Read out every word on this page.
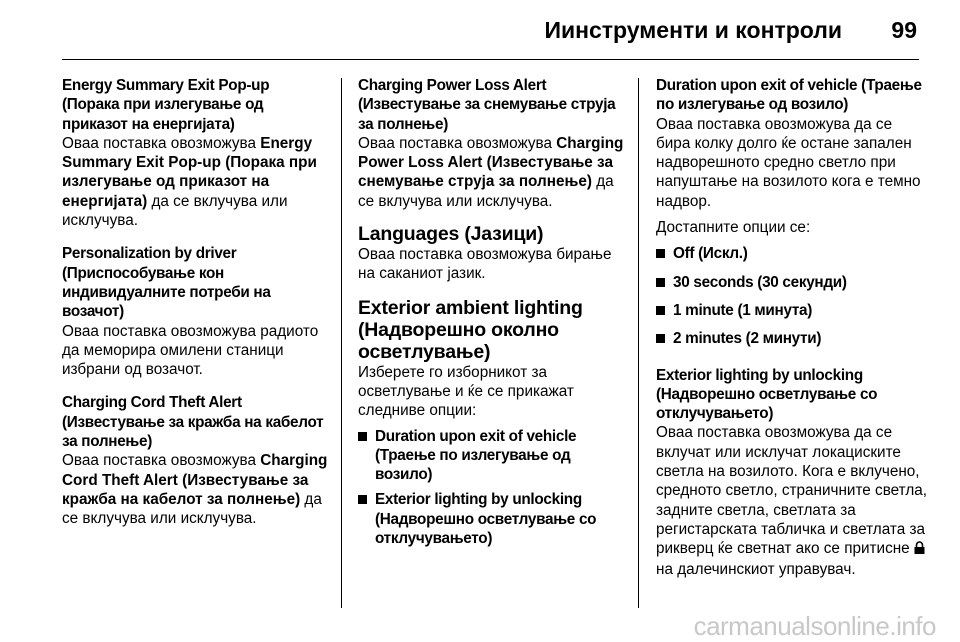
Иинструменти и контроли 99

Energy Summary Exit Pop-up (Порака при излегување од приказот на енергијата)

Оваа поставка овозможува Energy Summary Exit Pop-up (Порака при излегување од приказот на енергијата) да се вклучува или исклучува.

Personalization by driver (Приспособување кон индивидуалните потреби на возачот)

Оваа поставка овозможува радиото да меморира омилени станици избрани од возачот.

Charging Cord Theft Alert (Известување за кражба на кабелот за полнење)

Оваа поставка овозможува Charging Cord Theft Alert (Известување за кражба на кабелот за полнење) да се вклучува или исклучува.

Charging Power Loss Alert (Известување за снемување струја за полнење)

Оваа поставка овозможува Charging Power Loss Alert (Известување за снемување струја за полнење) да се вклучува или исклучува.

Languages (Јазици)

Оваа поставка овозможува бирање на саканиот јазик.

Exterior ambient lighting (Надворешно околно осветлување)

Изберете го изборникот за осветлување и ќе се прикажат следниве опции:

Duration upon exit of vehicle (Траење по излегување од возило)
Exterior lighting by unlocking (Надворешно осветлување со отклучувањето)

Duration upon exit of vehicle (Траење по излегување од возило)

Оваа поставка овозможува да се бира колку долго ќе остане запален надворешното средно светло при напуштање на возилото кога е темно надвор.

Достапните опции се:

Off (Искл.)
30 seconds (30 секунди)
1 minute (1 минута)
2 minutes (2 минути)

Exterior lighting by unlocking (Надворешно осветлување со отклучувањето)

Оваа поставка овозможува да се вклучат или исклучат локациските светла на возилото. Кога е вклучено, средното светло, страничните светла, задните светла, светлата за регистарската табличка и светлата за рикверц ќе светнат ако се притисне  на далечинскиот управувач.

carmanualsonline.info
